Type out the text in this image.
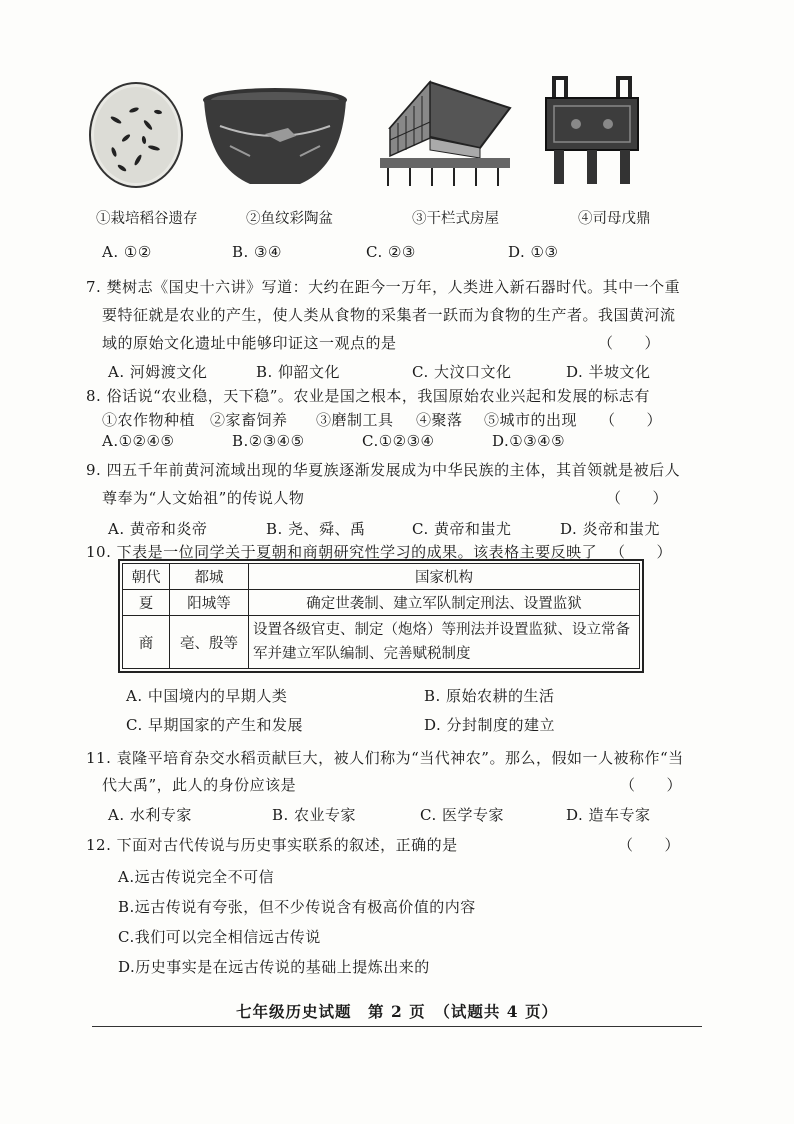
①栽培稻谷遗存	②鱼纹彩陶盆	③干栏式房屋	④司母戊鼎
A. ①②	B. ③④	C. ②③	D. ①③
7. 樊树志《国史十六讲》写道：大约在距今一万年，人类进入新石器时代。其中一个重
要特征就是农业的产生，使人类从食物的采集者一跃而为食物的生产者。我国黄河流
域的原始文化遗址中能够印证这一观点的是	（　　）
A. 河姆渡文化	B. 仰韶文化	C. 大汶口文化	D. 半坡文化
8. 俗话说“农业稳，天下稳”。农业是国之根本，我国原始农业兴起和发展的标志有
①农作物种植 ②家畜饲养 ③磨制工具 ④聚落 ⑤城市的出现 （　　）
A.①②④⑤	B.②③④⑤	C.①②③④	D.①③④⑤
9. 四五千年前黄河流域出现的华夏族逐渐发展成为中华民族的主体，其首领就是被后人
尊奉为“人文始祖”的传说人物	（　　）
A. 黄帝和炎帝	B. 尧、舜、禹	C. 黄帝和蚩尤	D. 炎帝和蚩尤
10. 下表是一位同学关于夏朝和商朝研究性学习的成果。该表格主要反映了 （　　）
朝代	都城	国家机构
夏	阳城等	确定世袭制、建立军队制定刑法、设置监狱
商	亳、殷等	设置各级官吏、制定（炮烙）等刑法并设置监狱、设立常备军并建立军队编制、完善赋税制度
A. 中国境内的早期人类	B. 原始农耕的生活
C. 早期国家的产生和发展	D. 分封制度的建立
11. 袁隆平培育杂交水稻贡献巨大，被人们称为“当代神农”。那么，假如一人被称作“当
代大禹”，此人的身份应该是	（　　）
A. 水利专家	B. 农业专家	C. 医学专家	D. 造车专家
12. 下面对古代传说与历史事实联系的叙述，正确的是	（　　）
A.远古传说完全不可信
B.远古传说有夸张，但不少传说含有极高价值的内容
C.我们可以完全相信远古传说
D.历史事实是在远古传说的基础上提炼出来的
七年级历史试题　第 2 页　（试题共 4 页）
